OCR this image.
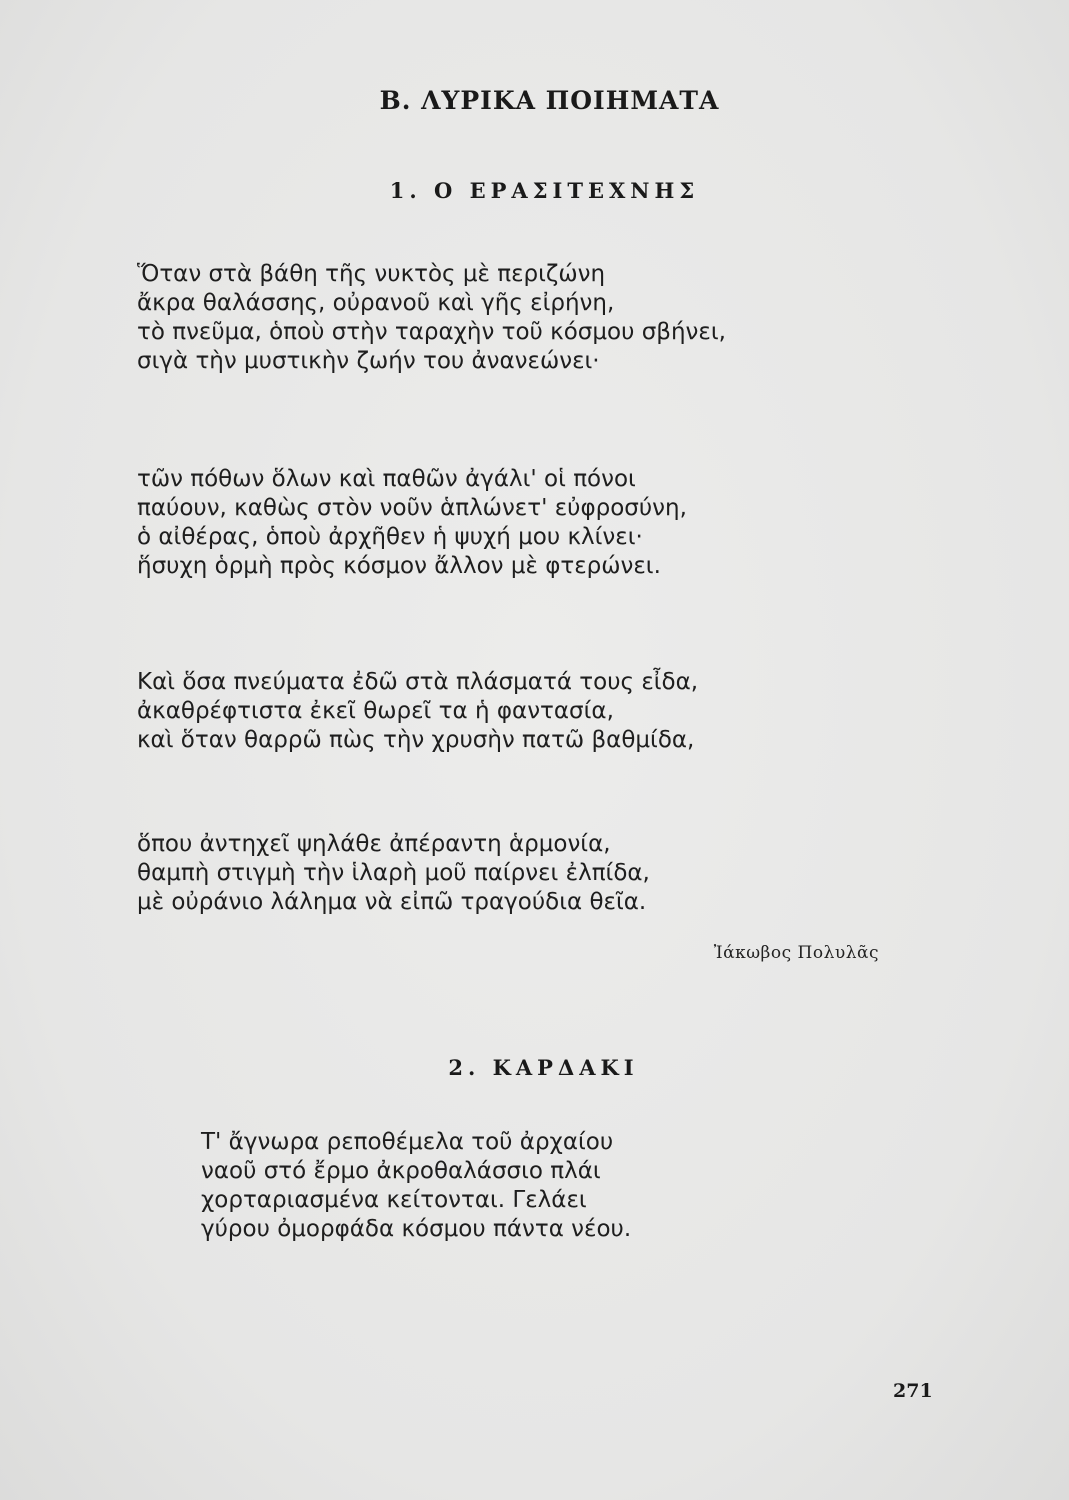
Β. ΛΥΡΙΚΑ ΠΟΙΗΜΑΤΑ
1. Ο ΕΡΑΣΙΤΕΧΝΗΣ
Ὅταν στὰ βάθη τῆς νυκτὸς μὲ περιζώνη
ἄκρα θαλάσσης, οὐρανοῦ καὶ γῆς εἰρήνη,
τὸ πνεῦμα, ὁποὺ στὴν ταραχὴν τοῦ κόσμου σβήνει,
σιγὰ τὴν μυστικὴν ζωήν του ἀνανεώνει·
τῶν πόθων ὅλων καὶ παθῶν ἀγάλι' οἱ πόνοι
παύουν, καθὼς στὸν νοῦν ἁπλώνετ' εὐφροσύνη,
ὁ αἰθέρας, ὁποὺ ἀρχῆθεν ἡ ψυχή μου κλίνει·
ἥσυχη ὁρμὴ πρὸς κόσμον ἄλλον μὲ φτερώνει.
Καὶ ὅσα πνεύματα ἐδῶ στὰ πλάσματά τους εἶδα,
ἀκαθρέφτιστα ἐκεῖ θωρεῖ τα ἡ φαντασία,
καὶ ὅταν θαρρῶ πὼς τὴν χρυσὴν πατῶ βαθμίδα,
ὅπου ἀντηχεῖ ψηλάθε ἀπέραντη ἁρμονία,
θαμπὴ στιγμὴ τὴν ἱλαρὴ μοῦ παίρνει ἐλπίδα,
μὲ οὐράνιο λάλημα νὰ εἰπῶ τραγούδια θεῖα.
Ἰάκωβος Πολυλᾶς
2. ΚΑΡΔΑΚΙ
Τ' ἄγνωρα ρεποθέμελα τοῦ ἀρχαίου
ναοῦ στό ἔρμο ἀκροθαλάσσιο πλάι
χορταριασμένα κείτονται. Γελάει
γύρου ὀμορφάδα κόσμου πάντα νέου.
271
